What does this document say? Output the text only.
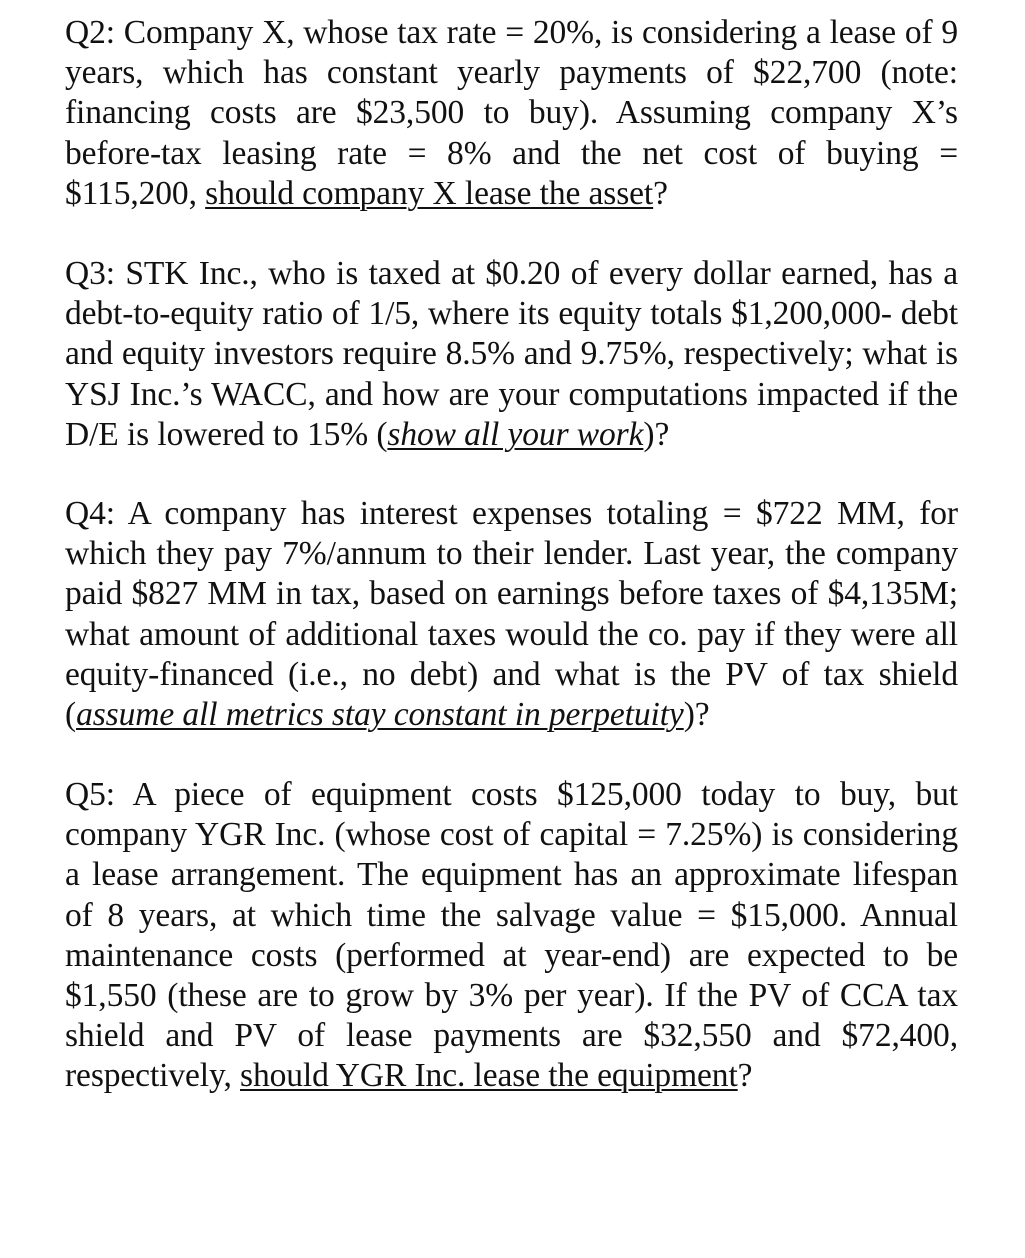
Q2: Company X, whose tax rate = 20%, is considering a lease of 9 years, which has constant yearly payments of $22,700 (note: financing costs are $23,500 to buy). Assuming company X’s before-tax leasing rate = 8% and the net cost of buying = $115,200, should company X lease the asset?
Q3: STK Inc., who is taxed at $0.20 of every dollar earned, has a debt-to-equity ratio of 1/5, where its equity totals $1,200,000- debt and equity investors require 8.5% and 9.75%, respectively; what is YSJ Inc.’s WACC, and how are your computations impacted if the D/E is lowered to 15% (show all your work)?
Q4: A company has interest expenses totaling = $722 MM, for which they pay 7%/annum to their lender. Last year, the company paid $827 MM in tax, based on earnings before taxes of $4,135M; what amount of additional taxes would the co. pay if they were all equity-financed (i.e., no debt) and what is the PV of tax shield (assume all metrics stay constant in perpetuity)?
Q5: A piece of equipment costs $125,000 today to buy, but company YGR Inc. (whose cost of capital = 7.25%) is considering a lease arrangement. The equipment has an approximate lifespan of 8 years, at which time the salvage value = $15,000. Annual maintenance costs (performed at year-end) are expected to be $1,550 (these are to grow by 3% per year). If the PV of CCA tax shield and PV of lease payments are $32,550 and $72,400, respectively, should YGR Inc. lease the equipment?
